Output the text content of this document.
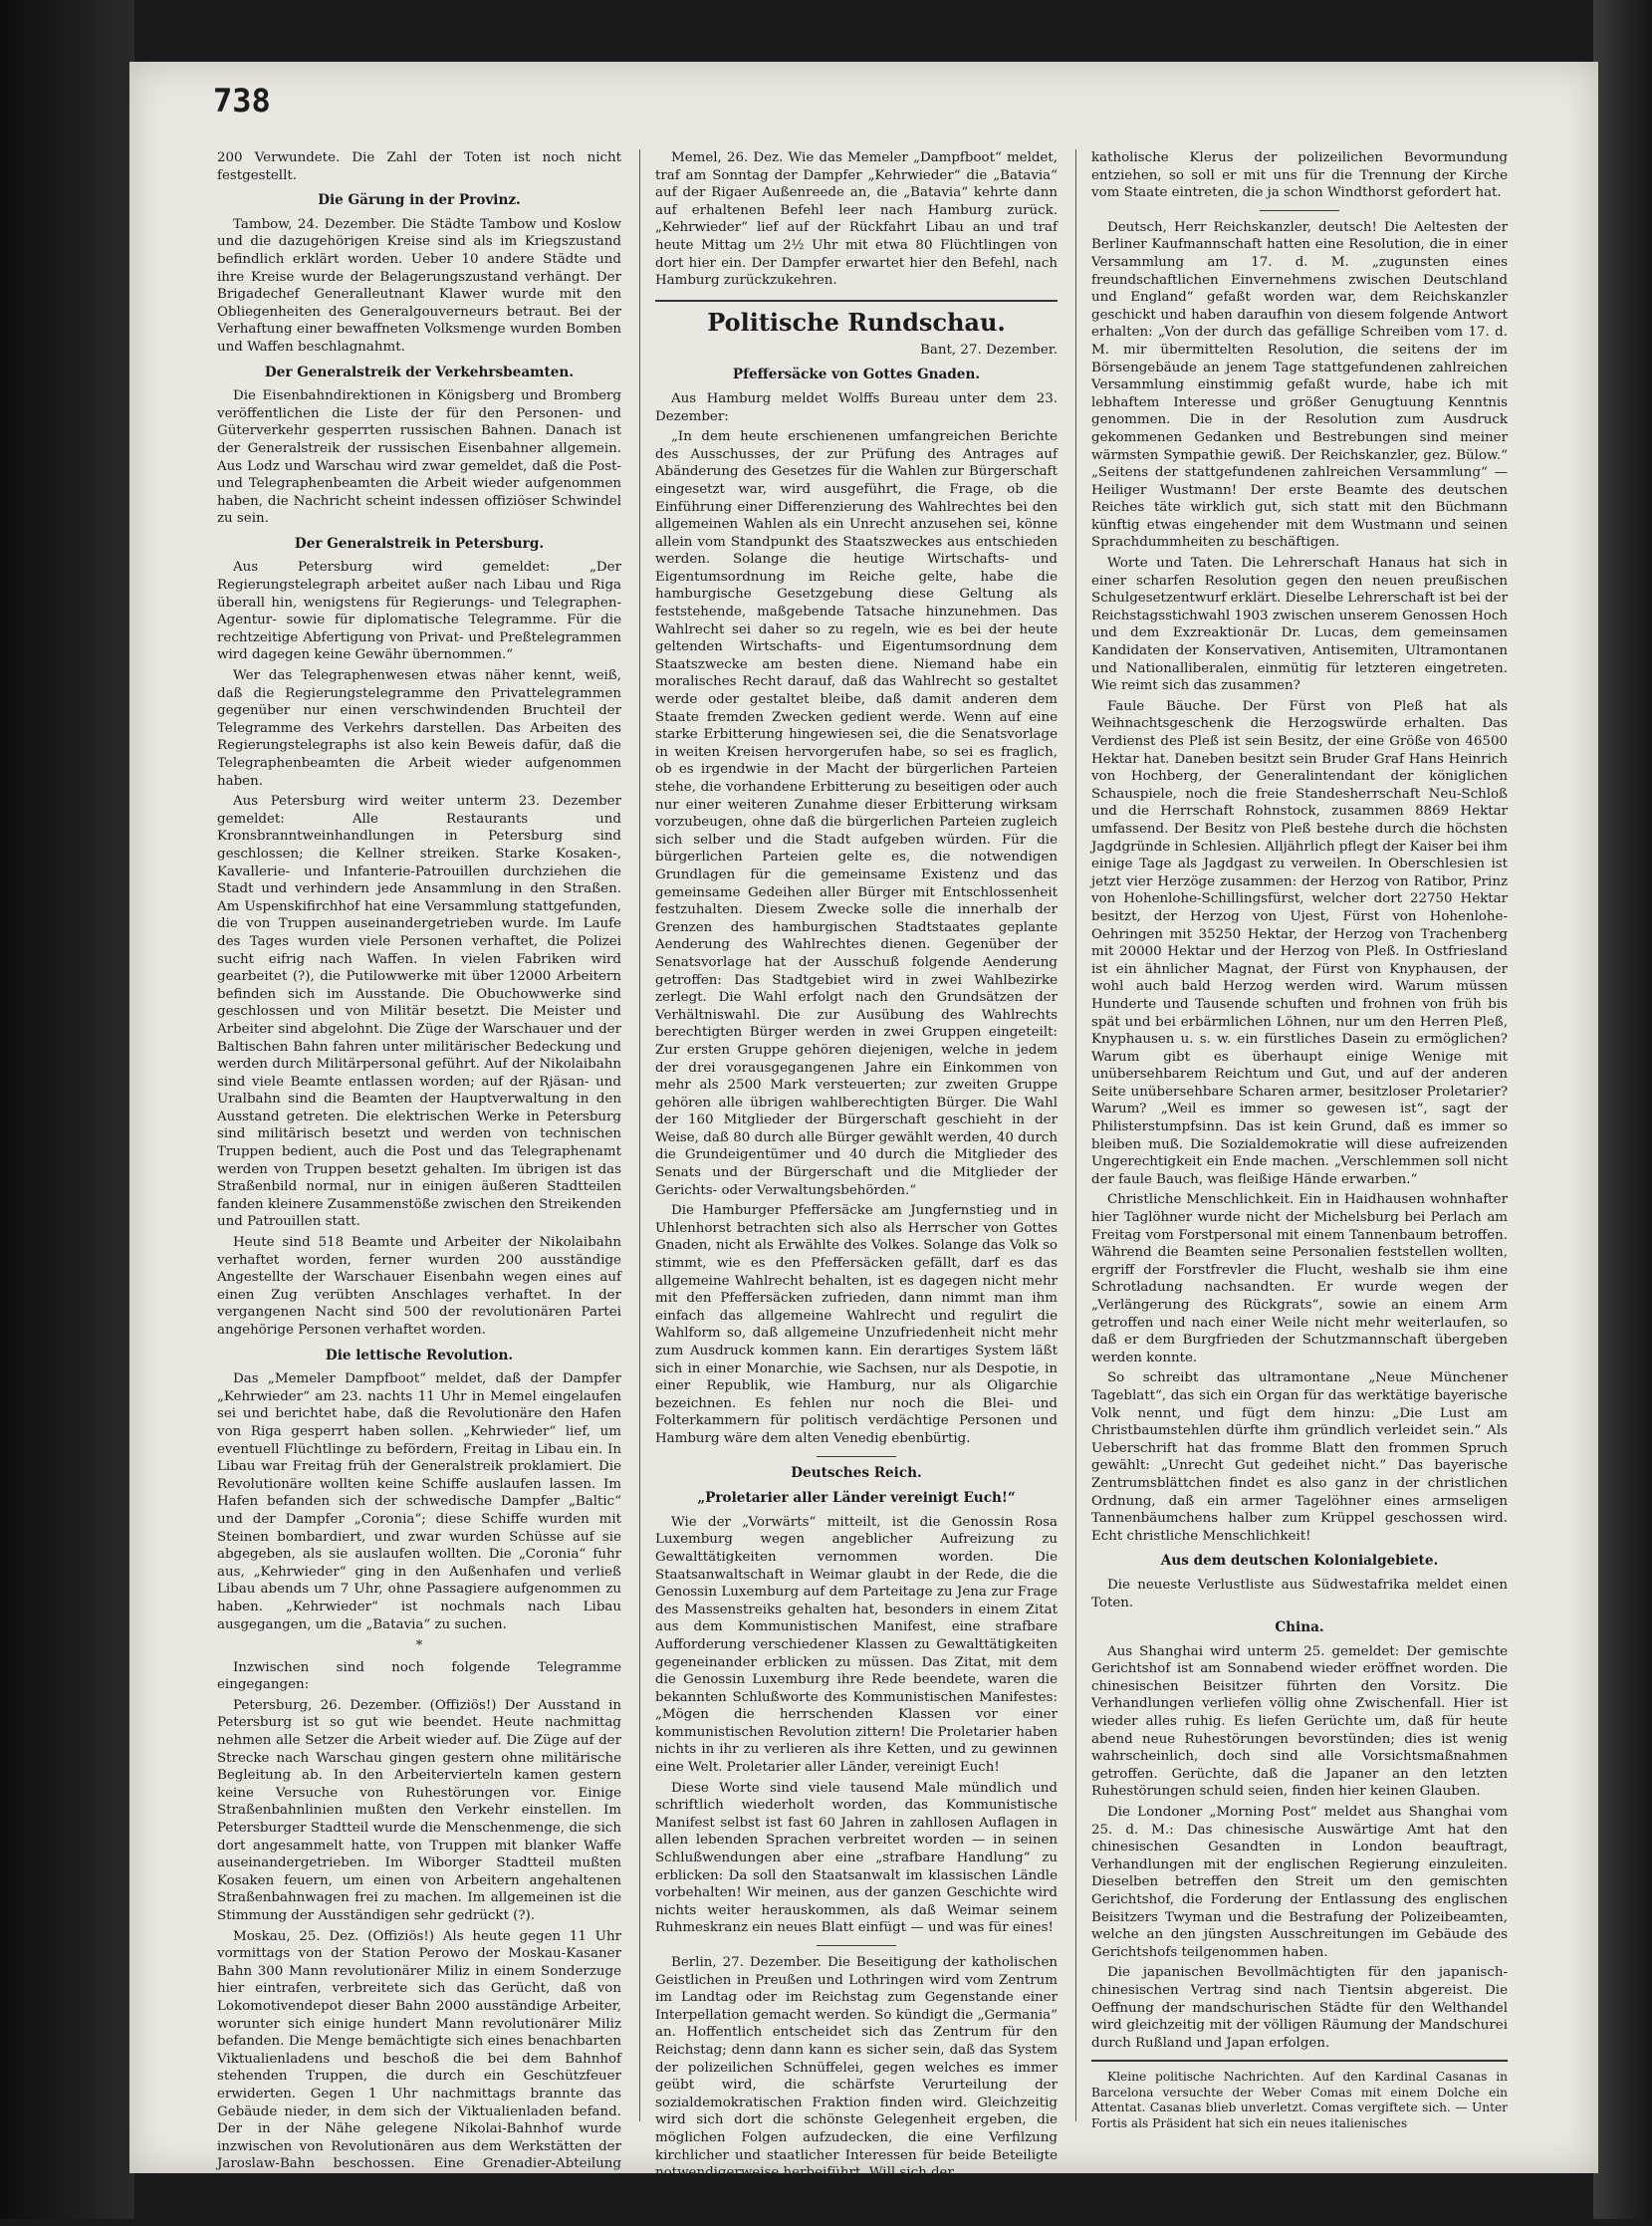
738

200 Verwundete. Die Zahl der Toten ist noch nicht festgestellt.

Die Gärung in der Provinz.

Tambow, 24. Dezember. Die Städte Tambow und Koslow und die dazugehörigen Kreise sind als im Kriegszustand befindlich erklärt worden. Ueber 10 andere Städte und ihre Kreise wurde der Belagerungszustand verhängt. Der Brigadechef Generalleutnant Klawer wurde mit den Obliegenheiten des Generalgouverneurs betraut. Bei der Verhaftung einer bewaffneten Volksmenge wurden Bomben und Waffen beschlagnahmt.

Der Generalstreik der Verkehrsbeamten.

Die Eisenbahndirektionen in Königsberg und Bromberg veröffentlichen die Liste der für den Personen- und Güterverkehr gesperrten russischen Bahnen. Danach ist der Generalstreik der russischen Eisenbahner allgemein. Aus Lodz und Warschau wird zwar gemeldet, daß die Post- und Telegraphenbeamten die Arbeit wieder aufgenommen haben, die Nachricht scheint indessen offiziöser Schwindel zu sein.

Der Generalstreik in Petersburg.

Aus Petersburg wird gemeldet: „Der Regierungstelegraph arbeitet außer nach Libau und Riga überall hin, wenigstens für Regierungs- und Telegraphen-Agentur- sowie für diplomatische Telegramme. Für die rechtzeitige Abfertigung von Privat- und Preßtelegrammen wird dagegen keine Gewähr übernommen.“

Wer das Telegraphenwesen etwas näher kennt, weiß, daß die Regierungstelegramme den Privattelegrammen gegenüber nur einen verschwindenden Bruchteil der Telegramme des Verkehrs darstellen. Das Arbeiten des Regierungstelegraphs ist also kein Beweis dafür, daß die Telegraphenbeamten die Arbeit wieder aufgenommen haben.

Aus Petersburg wird weiter unterm 23. Dezember gemeldet: Alle Restaurants und Kronsbranntweinhandlungen in Petersburg sind geschlossen; die Kellner streiken. Starke Kosaken-, Kavallerie- und Infanterie-Patrouillen durchziehen die Stadt und verhindern jede Ansammlung in den Straßen. Am Uspenskifirchhof hat eine Versammlung stattgefunden, die von Truppen auseinandergetrieben wurde. Im Laufe des Tages wurden viele Personen verhaftet, die Polizei sucht eifrig nach Waffen. In vielen Fabriken wird gearbeitet (?), die Putilowwerke mit über 12000 Arbeitern befinden sich im Ausstande. Die Obuchowwerke sind geschlossen und von Militär besetzt. Die Meister und Arbeiter sind abgelohnt. Die Züge der Warschauer und der Baltischen Bahn fahren unter militärischer Bedeckung und werden durch Militärpersonal geführt. Auf der Nikolaibahn sind viele Beamte entlassen worden; auf der Rjäsan- und Uralbahn sind die Beamten der Hauptverwaltung in den Ausstand getreten. Die elektrischen Werke in Petersburg sind militärisch besetzt und werden von technischen Truppen bedient, auch die Post und das Telegraphenamt werden von Truppen besetzt gehalten. Im übrigen ist das Straßenbild normal, nur in einigen äußeren Stadtteilen fanden kleinere Zusammenstöße zwischen den Streikenden und Patrouillen statt.

Heute sind 518 Beamte und Arbeiter der Nikolaibahn verhaftet worden, ferner wurden 200 ausständige Angestellte der Warschauer Eisenbahn wegen eines auf einen Zug verübten Anschlages verhaftet. In der vergangenen Nacht sind 500 der revolutionären Partei angehörige Personen verhaftet worden.

Die lettische Revolution.

Das „Memeler Dampfboot“ meldet, daß der Dampfer „Kehrwieder“ am 23. nachts 11 Uhr in Memel eingelaufen sei und berichtet habe, daß die Revolutionäre den Hafen von Riga gesperrt haben sollen. „Kehrwieder“ lief, um eventuell Flüchtlinge zu befördern, Freitag in Libau ein. In Libau war Freitag früh der Generalstreik proklamiert. Die Revolutionäre wollten keine Schiffe auslaufen lassen. Im Hafen befanden sich der schwedische Dampfer „Baltic“ und der Dampfer „Coronia“; diese Schiffe wurden mit Steinen bombardiert, und zwar wurden Schüsse auf sie abgegeben, als sie auslaufen wollten. Die „Coronia“ fuhr aus, „Kehrwieder“ ging in den Außenhafen und verließ Libau abends um 7 Uhr, ohne Passagiere aufgenommen zu haben. „Kehrwieder“ ist nochmals nach Libau ausgegangen, um die „Batavia“ zu suchen.

*

Inzwischen sind noch folgende Telegramme eingegangen:

Petersburg, 26. Dezember. (Offiziös!) Der Ausstand in Petersburg ist so gut wie beendet. Heute nachmittag nehmen alle Setzer die Arbeit wieder auf. Die Züge auf der Strecke nach Warschau gingen gestern ohne militärische Begleitung ab. In den Arbeitervierteln kamen gestern keine Versuche von Ruhestörungen vor. Einige Straßenbahnlinien mußten den Verkehr einstellen. Im Petersburger Stadtteil wurde die Menschenmenge, die sich dort angesammelt hatte, von Truppen mit blanker Waffe auseinandergetrieben. Im Wiborger Stadtteil mußten Kosaken feuern, um einen von Arbeitern angehaltenen Straßenbahnwagen frei zu machen. Im allgemeinen ist die Stimmung der Ausständigen sehr gedrückt (?).

Moskau, 25. Dez. (Offiziös!) Als heute gegen 11 Uhr vormittags von der Station Perowo der Moskau-Kasaner Bahn 300 Mann revolutionärer Miliz in einem Sonderzuge hier eintrafen, verbreitete sich das Gerücht, daß von Lokomotivendepot dieser Bahn 2000 ausständige Arbeiter, worunter sich einige hundert Mann revolutionärer Miliz befanden. Die Menge bemächtigte sich eines benachbarten Viktualienladens und beschoß die bei dem Bahnhof stehenden Truppen, die durch ein Geschützfeuer erwiderten. Gegen 1 Uhr nachmittags brannte das Gebäude nieder, in dem sich der Viktualienladen befand. Der in der Nähe gelegene Nikolai-Bahnhof wurde inzwischen von Revolutionären aus dem Werkstätten der Jaroslaw-Bahn beschossen. Eine Grenadier-Abteilung antwortete vom Dache des Bahnhofs. Die Stationen Ljuberzy und Perowo, wo rote Flaggen wehen, befinden sich in den Händen der Revolutionäre.

Memel, 26. Dez. Wie das Memeler „Dampfboot“ meldet, traf am Sonntag der Dampfer „Kehrwieder“ die „Batavia“ auf der Rigaer Außenreede an, die „Batavia“ kehrte dann auf erhaltenen Befehl leer nach Hamburg zurück. „Kehrwieder“ lief auf der Rückfahrt Libau an und traf heute Mittag um 2½ Uhr mit etwa 80 Flüchtlingen von dort hier ein. Der Dampfer erwartet hier den Befehl, nach Hamburg zurückzukehren.

Politische Rundschau.
Bant, 27. Dezember.
Pfeffersäcke von Gottes Gnaden.

Aus Hamburg meldet Wolffs Bureau unter dem 23. Dezember:

„In dem heute erschienenen umfangreichen Berichte des Ausschusses, der zur Prüfung des Antrages auf Abänderung des Gesetzes für die Wahlen zur Bürgerschaft eingesetzt war, wird ausgeführt, die Frage, ob die Einführung einer Differenzierung des Wahlrechtes bei den allgemeinen Wahlen als ein Unrecht anzusehen sei, könne allein vom Standpunkt des Staatszweckes aus entschieden werden. Solange die heutige Wirtschafts- und Eigentumsordnung im Reiche gelte, habe die hamburgische Gesetzgebung diese Geltung als feststehende, maßgebende Tatsache hinzunehmen. Das Wahlrecht sei daher so zu regeln, wie es bei der heute geltenden Wirtschafts- und Eigentumsordnung dem Staatszwecke am besten diene. Niemand habe ein moralisches Recht darauf, daß das Wahlrecht so gestaltet werde oder gestaltet bleibe, daß damit anderen dem Staate fremden Zwecken gedient werde. Wenn auf eine starke Erbitterung hingewiesen sei, die die Senatsvorlage in weiten Kreisen hervorgerufen habe, so sei es fraglich, ob es irgendwie in der Macht der bürgerlichen Parteien stehe, die vorhandene Erbitterung zu beseitigen oder auch nur einer weiteren Zunahme dieser Erbitterung wirksam vorzubeugen, ohne daß die bürgerlichen Parteien zugleich sich selber und die Stadt aufgeben würden. Für die bürgerlichen Parteien gelte es, die notwendigen Grundlagen für die gemeinsame Existenz und das gemeinsame Gedeihen aller Bürger mit Entschlossenheit festzuhalten. Diesem Zwecke solle die innerhalb der Grenzen des hamburgischen Stadtstaates geplante Aenderung des Wahlrechtes dienen. Gegenüber der Senatsvorlage hat der Ausschuß folgende Aenderung getroffen: Das Stadtgebiet wird in zwei Wahlbezirke zerlegt. Die Wahl erfolgt nach den Grundsätzen der Verhältniswahl. Die zur Ausübung des Wahlrechts berechtigten Bürger werden in zwei Gruppen eingeteilt: Zur ersten Gruppe gehören diejenigen, welche in jedem der drei vorausgegangenen Jahre ein Einkommen von mehr als 2500 Mark versteuerten; zur zweiten Gruppe gehören alle übrigen wahlberechtigten Bürger. Die Wahl der 160 Mitglieder der Bürgerschaft geschieht in der Weise, daß 80 durch alle Bürger gewählt werden, 40 durch die Grundeigentümer und 40 durch die Mitglieder des Senats und der Bürgerschaft und die Mitglieder der Gerichts- oder Verwaltungsbehörden.“

Die Hamburger Pfeffersäcke am Jungfernstieg und in Uhlenhorst betrachten sich also als Herrscher von Gottes Gnaden, nicht als Erwählte des Volkes. Solange das Volk so stimmt, wie es den Pfeffersäcken gefällt, darf es das allgemeine Wahlrecht behalten, ist es dagegen nicht mehr mit den Pfeffersäcken zufrieden, dann nimmt man ihm einfach das allgemeine Wahlrecht und regulirt die Wahlform so, daß allgemeine Unzufriedenheit nicht mehr zum Ausdruck kommen kann. Ein derartiges System läßt sich in einer Monarchie, wie Sachsen, nur als Despotie, in einer Republik, wie Hamburg, nur als Oligarchie bezeichnen. Es fehlen nur noch die Blei- und Folterkammern für politisch verdächtige Personen und Hamburg wäre dem alten Venedig ebenbürtig.

Deutsches Reich.
„Proletarier aller Länder vereinigt Euch!“

Wie der „Vorwärts“ mitteilt, ist die Genossin Rosa Luxemburg wegen angeblicher Aufreizung zu Gewalttätigkeiten vernommen worden. Die Staatsanwaltschaft in Weimar glaubt in der Rede, die die Genossin Luxemburg auf dem Parteitage zu Jena zur Frage des Massenstreiks gehalten hat, besonders in einem Zitat aus dem Kommunistischen Manifest, eine strafbare Aufforderung verschiedener Klassen zu Gewalttätigkeiten gegeneinander erblicken zu müssen. Das Zitat, mit dem die Genossin Luxemburg ihre Rede beendete, waren die bekannten Schlußworte des Kommunistischen Manifestes: „Mögen die herrschenden Klassen vor einer kommunistischen Revolution zittern! Die Proletarier haben nichts in ihr zu verlieren als ihre Ketten, und zu gewinnen eine Welt. Proletarier aller Länder, vereinigt Euch!

Diese Worte sind viele tausend Male mündlich und schriftlich wiederholt worden, das Kommunistische Manifest selbst ist fast 60 Jahren in zahllosen Auflagen in allen lebenden Sprachen verbreitet worden — in seinen Schlußwendungen aber eine „strafbare Handlung“ zu erblicken: Da soll den Staatsanwalt im klassischen Ländle vorbehalten! Wir meinen, aus der ganzen Geschichte wird nichts weiter herauskommen, als daß Weimar seinem Ruhmeskranz ein neues Blatt einfügt — und was für eines!

Berlin, 27. Dezember. Die Beseitigung der katholischen Geistlichen in Preußen und Lothringen wird vom Zentrum im Landtag oder im Reichstag zum Gegenstande einer Interpellation gemacht werden. So kündigt die „Germania“ an. Hoffentlich entscheidet sich das Zentrum für den Reichstag; denn dann kann es sicher sein, daß das System der polizeilichen Schnüffelei, gegen welches es immer geübt wird, die schärfste Verurteilung der sozialdemokratischen Fraktion finden wird. Gleichzeitig wird sich dort die schönste Gelegenheit ergeben, die möglichen Folgen aufzudecken, die eine Verfilzung kirchlicher und staatlicher Interessen für beide Beteiligte notwendigerweise herbeiführt. Will sich der

katholische Klerus der polizeilichen Bevormundung entziehen, so soll er mit uns für die Trennung der Kirche vom Staate eintreten, die ja schon Windthorst gefordert hat.

Deutsch, Herr Reichskanzler, deutsch! Die Aeltesten der Berliner Kaufmannschaft hatten eine Resolution, die in einer Versammlung am 17. d. M. „zugunsten eines freundschaftlichen Einvernehmens zwischen Deutschland und England“ gefaßt worden war, dem Reichskanzler geschickt und haben daraufhin von diesem folgende Antwort erhalten: „Von der durch das gefällige Schreiben vom 17. d. M. mir übermittelten Resolution, die seitens der im Börsengebäude an jenem Tage stattgefundenen zahlreichen Versammlung einstimmig gefaßt wurde, habe ich mit lebhaftem Interesse und größer Genugtuung Kenntnis genommen. Die in der Resolution zum Ausdruck gekommenen Gedanken und Bestrebungen sind meiner wärmsten Sympathie gewiß. Der Reichskanzler, gez. Bülow.“ „Seitens der stattgefundenen zahlreichen Versammlung“ — Heiliger Wustmann! Der erste Beamte des deutschen Reiches täte wirklich gut, sich statt mit den Büchmann künftig etwas eingehender mit dem Wustmann und seinen Sprachdummheiten zu beschäftigen.

Worte und Taten. Die Lehrerschaft Hanaus hat sich in einer scharfen Resolution gegen den neuen preußischen Schulgesetzentwurf erklärt. Dieselbe Lehrerschaft ist bei der Reichstagsstichwahl 1903 zwischen unserem Genossen Hoch und dem Exzreaktionär Dr. Lucas, dem gemeinsamen Kandidaten der Konservativen, Antisemiten, Ultramontanen und Nationalliberalen, einmütig für letzteren eingetreten. Wie reimt sich das zusammen?

Faule Bäuche. Der Fürst von Pleß hat als Weihnachtsgeschenk die Herzogswürde erhalten. Das Verdienst des Pleß ist sein Besitz, der eine Größe von 46500 Hektar hat. Daneben besitzt sein Bruder Graf Hans Heinrich von Hochberg, der Generalintendant der königlichen Schauspiele, noch die freie Standesherrschaft Neu-Schloß und die Herrschaft Rohnstock, zusammen 8869 Hektar umfassend. Der Besitz von Pleß bestehe durch die höchsten Jagdgründe in Schlesien. Alljährlich pflegt der Kaiser bei ihm einige Tage als Jagdgast zu verweilen. In Oberschlesien ist jetzt vier Herzöge zusammen: der Herzog von Ratibor, Prinz von Hohenlohe-Schillingsfürst, welcher dort 22750 Hektar besitzt, der Herzog von Ujest, Fürst von Hohenlohe-Oehringen mit 35250 Hektar, der Herzog von Trachenberg mit 20000 Hektar und der Herzog von Pleß. In Ostfriesland ist ein ähnlicher Magnat, der Fürst von Knyphausen, der wohl auch bald Herzog werden wird. Warum müssen Hunderte und Tausende schuften und frohnen von früh bis spät und bei erbärmlichen Löhnen, nur um den Herren Pleß, Knyphausen u. s. w. ein fürstliches Dasein zu ermöglichen? Warum gibt es überhaupt einige Wenige mit unübersehbarem Reichtum und Gut, und auf der anderen Seite unübersehbare Scharen armer, besitzloser Proletarier? Warum? „Weil es immer so gewesen ist“, sagt der Philisterstumpfsinn. Das ist kein Grund, daß es immer so bleiben muß. Die Sozialdemokratie will diese aufreizenden Ungerechtigkeit ein Ende machen. „Verschlemmen soll nicht der faule Bauch, was fleißige Hände erwarben.“

Christliche Menschlichkeit. Ein in Haidhausen wohnhafter hier Taglöhner wurde nicht der Michelsburg bei Perlach am Freitag vom Forstpersonal mit einem Tannenbaum betroffen. Während die Beamten seine Personalien feststellen wollten, ergriff der Forstfrevler die Flucht, weshalb sie ihm eine Schrotladung nachsandten. Er wurde wegen der „Verlängerung des Rückgrats“, sowie an einem Arm getroffen und nach einer Weile nicht mehr weiterlaufen, so daß er dem Burgfrieden der Schutzmannschaft übergeben werden konnte.

So schreibt das ultramontane „Neue Münchener Tageblatt“, das sich ein Organ für das werktätige bayerische Volk nennt, und fügt dem hinzu: „Die Lust am Christbaumstehlen dürfte ihm gründlich verleidet sein.“ Als Ueberschrift hat das fromme Blatt den frommen Spruch gewählt: „Unrecht Gut gedeihet nicht.“ Das bayerische Zentrumsblättchen findet es also ganz in der christlichen Ordnung, daß ein armer Tagelöhner eines armseligen Tannenbäumchens halber zum Krüppel geschossen wird. Echt christliche Menschlichkeit!

Aus dem deutschen Kolonialgebiete.

Die neueste Verlustliste aus Südwestafrika meldet einen Toten.

China.

Aus Shanghai wird unterm 25. gemeldet: Der gemischte Gerichtshof ist am Sonnabend wieder eröffnet worden. Die chinesischen Beisitzer führten den Vorsitz. Die Verhandlungen verliefen völlig ohne Zwischenfall. Hier ist wieder alles ruhig. Es liefen Gerüchte um, daß für heute abend neue Ruhestörungen bevorstünden; dies ist wenig wahrscheinlich, doch sind alle Vorsichtsmaßnahmen getroffen. Gerüchte, daß die Japaner an den letzten Ruhestörungen schuld seien, finden hier keinen Glauben.

Die Londoner „Morning Post“ meldet aus Shanghai vom 25. d. M.: Das chinesische Auswärtige Amt hat den chinesischen Gesandten in London beauftragt, Verhandlungen mit der englischen Regierung einzuleiten. Dieselben betreffen den Streit um den gemischten Gerichtshof, die Forderung der Entlassung des englischen Beisitzers Twyman und die Bestrafung der Polizeibeamten, welche an den jüngsten Ausschreitungen im Gebäude des Gerichtshofs teilgenommen haben.

Die japanischen Bevollmächtigten für den japanisch-chinesischen Vertrag sind nach Tientsin abgereist. Die Oeffnung der mandschurischen Städte für den Welthandel wird gleichzeitig mit der völligen Räumung der Mandschurei durch Rußland und Japan erfolgen.

Kleine politische Nachrichten. Auf den Kardinal Casanas in Barcelona versuchte der Weber Comas mit einem Dolche ein Attentat. Casanas blieb unverletzt. Comas vergiftete sich. — Unter Fortis als Präsident hat sich ein neues italienisches
